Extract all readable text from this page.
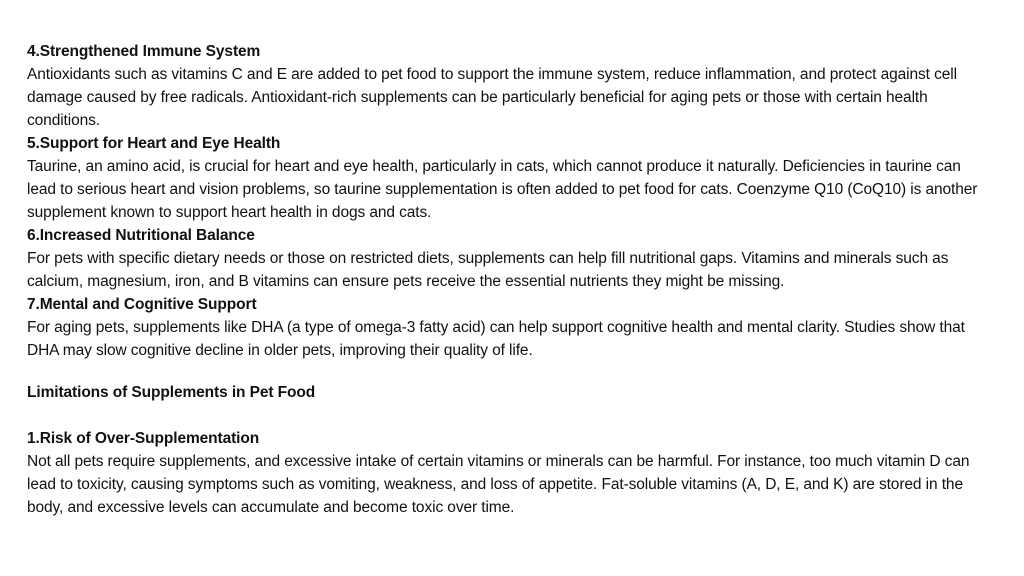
4.Strengthened Immune System

Antioxidants such as vitamins C and E are added to pet food to support the immune system, reduce inflammation, and protect against cell damage caused by free radicals. Antioxidant-rich supplements can be particularly beneficial for aging pets or those with certain health conditions.

5.Support for Heart and Eye Health

Taurine, an amino acid, is crucial for heart and eye health, particularly in cats, which cannot produce it naturally. Deficiencies in taurine can lead to serious heart and vision problems, so taurine supplementation is often added to pet food for cats. Coenzyme Q10 (CoQ10) is another supplement known to support heart health in dogs and cats.

6.Increased Nutritional Balance

For pets with specific dietary needs or those on restricted diets, supplements can help fill nutritional gaps. Vitamins and minerals such as calcium, magnesium, iron, and B vitamins can ensure pets receive the essential nutrients they might be missing.

7.Mental and Cognitive Support

For aging pets, supplements like DHA (a type of omega-3 fatty acid) can help support cognitive health and mental clarity. Studies show that DHA may slow cognitive decline in older pets, improving their quality of life.

Limitations of Supplements in Pet Food
1.Risk of Over-Supplementation

Not all pets require supplements, and excessive intake of certain vitamins or minerals can be harmful. For instance, too much vitamin D can lead to toxicity, causing symptoms such as vomiting, weakness, and loss of appetite. Fat-soluble vitamins (A, D, E, and K) are stored in the body, and excessive levels can accumulate and become toxic over time.
